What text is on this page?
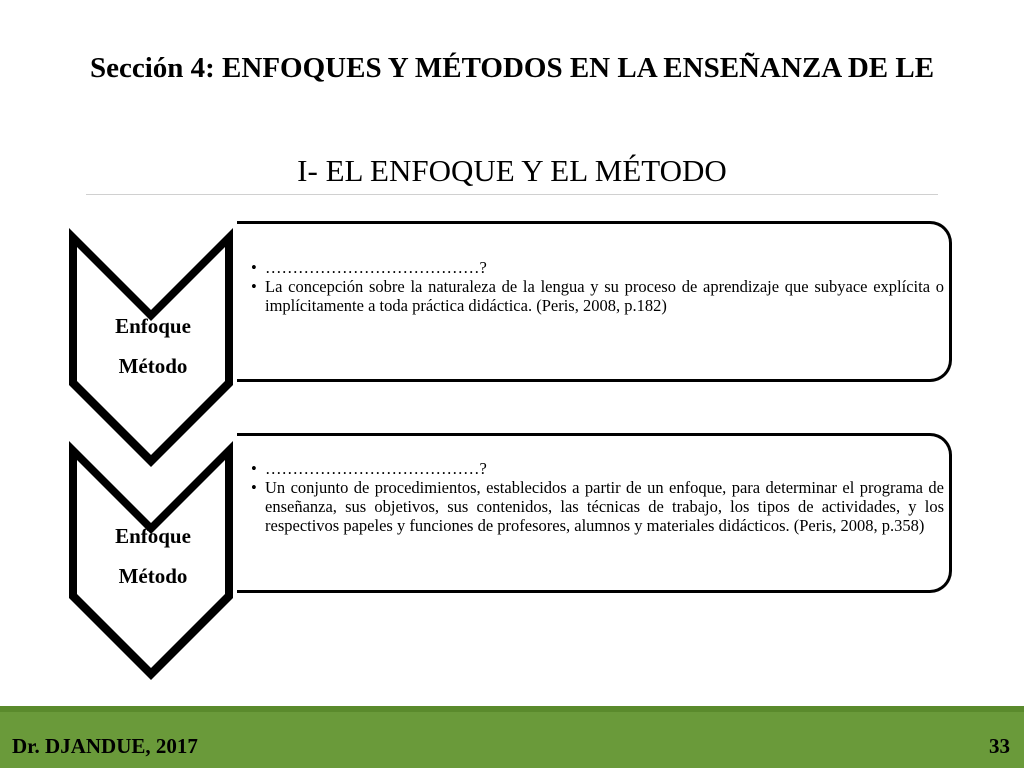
Sección 4: ENFOQUES Y MÉTODOS EN LA ENSEÑANZA DE LE
I- EL ENFOQUE Y EL MÉTODO
Enfoque
Método
• …………………………………?
• La concepción sobre la naturaleza de la lengua y su proceso de aprendizaje que subyace explícita o implícitamente a toda práctica didáctica. (Peris, 2008, p.182)
Enfoque
Método
• …………………………………?
• Un conjunto de procedimientos, establecidos a partir de un enfoque, para determinar el programa de enseñanza, sus objetivos, sus contenidos, las técnicas de trabajo, los tipos de actividades, y los respectivos papeles y funciones de profesores, alumnos y materiales didácticos. (Peris, 2008, p.358)
Dr. DJANDUE, 2017	33
